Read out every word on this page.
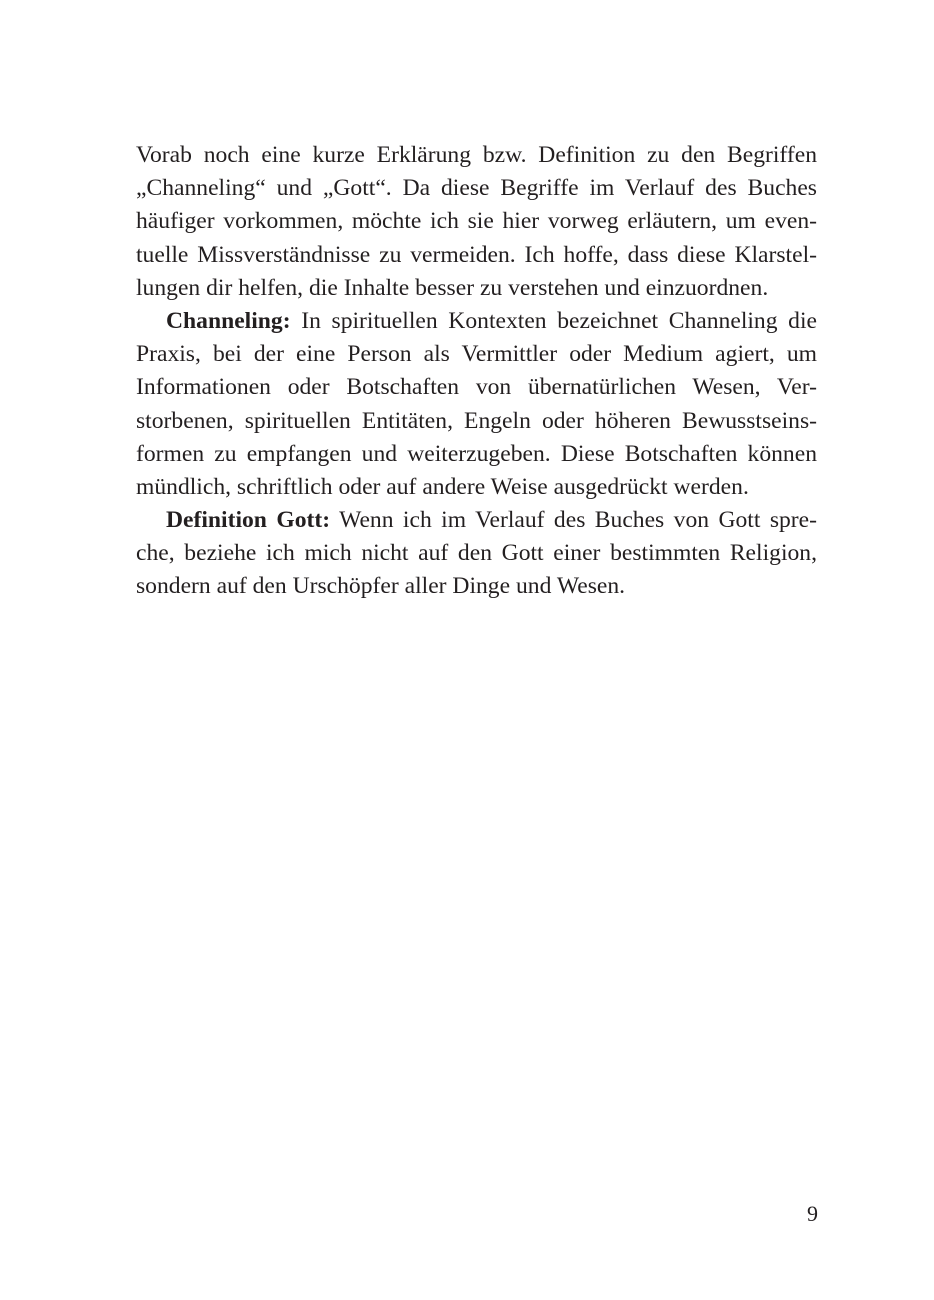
Vorab noch eine kurze Erklärung bzw. Definition zu den Begriffen
„Channeling“ und „Gott“. Da diese Begriffe im Verlauf des Buches
häufiger vorkommen, möchte ich sie hier vorweg erläutern, um even-
tuelle Missverständnisse zu vermeiden. Ich hoffe, dass diese Klarstel-
lungen dir helfen, die Inhalte besser zu verstehen und einzuordnen.
Channeling: In spirituellen Kontexten bezeichnet Channeling die
Praxis, bei der eine Person als Vermittler oder Medium agiert, um
Informationen oder Botschaften von übernatürlichen Wesen, Ver-
storbenen, spirituellen Entitäten, Engeln oder höheren Bewusstseins-
formen zu empfangen und weiterzugeben. Diese Botschaften können
mündlich, schriftlich oder auf andere Weise ausgedrückt werden.
Definition Gott: Wenn ich im Verlauf des Buches von Gott spre-
che, beziehe ich mich nicht auf den Gott einer bestimmten Religion,
sondern auf den Urschöpfer aller Dinge und Wesen.
9
